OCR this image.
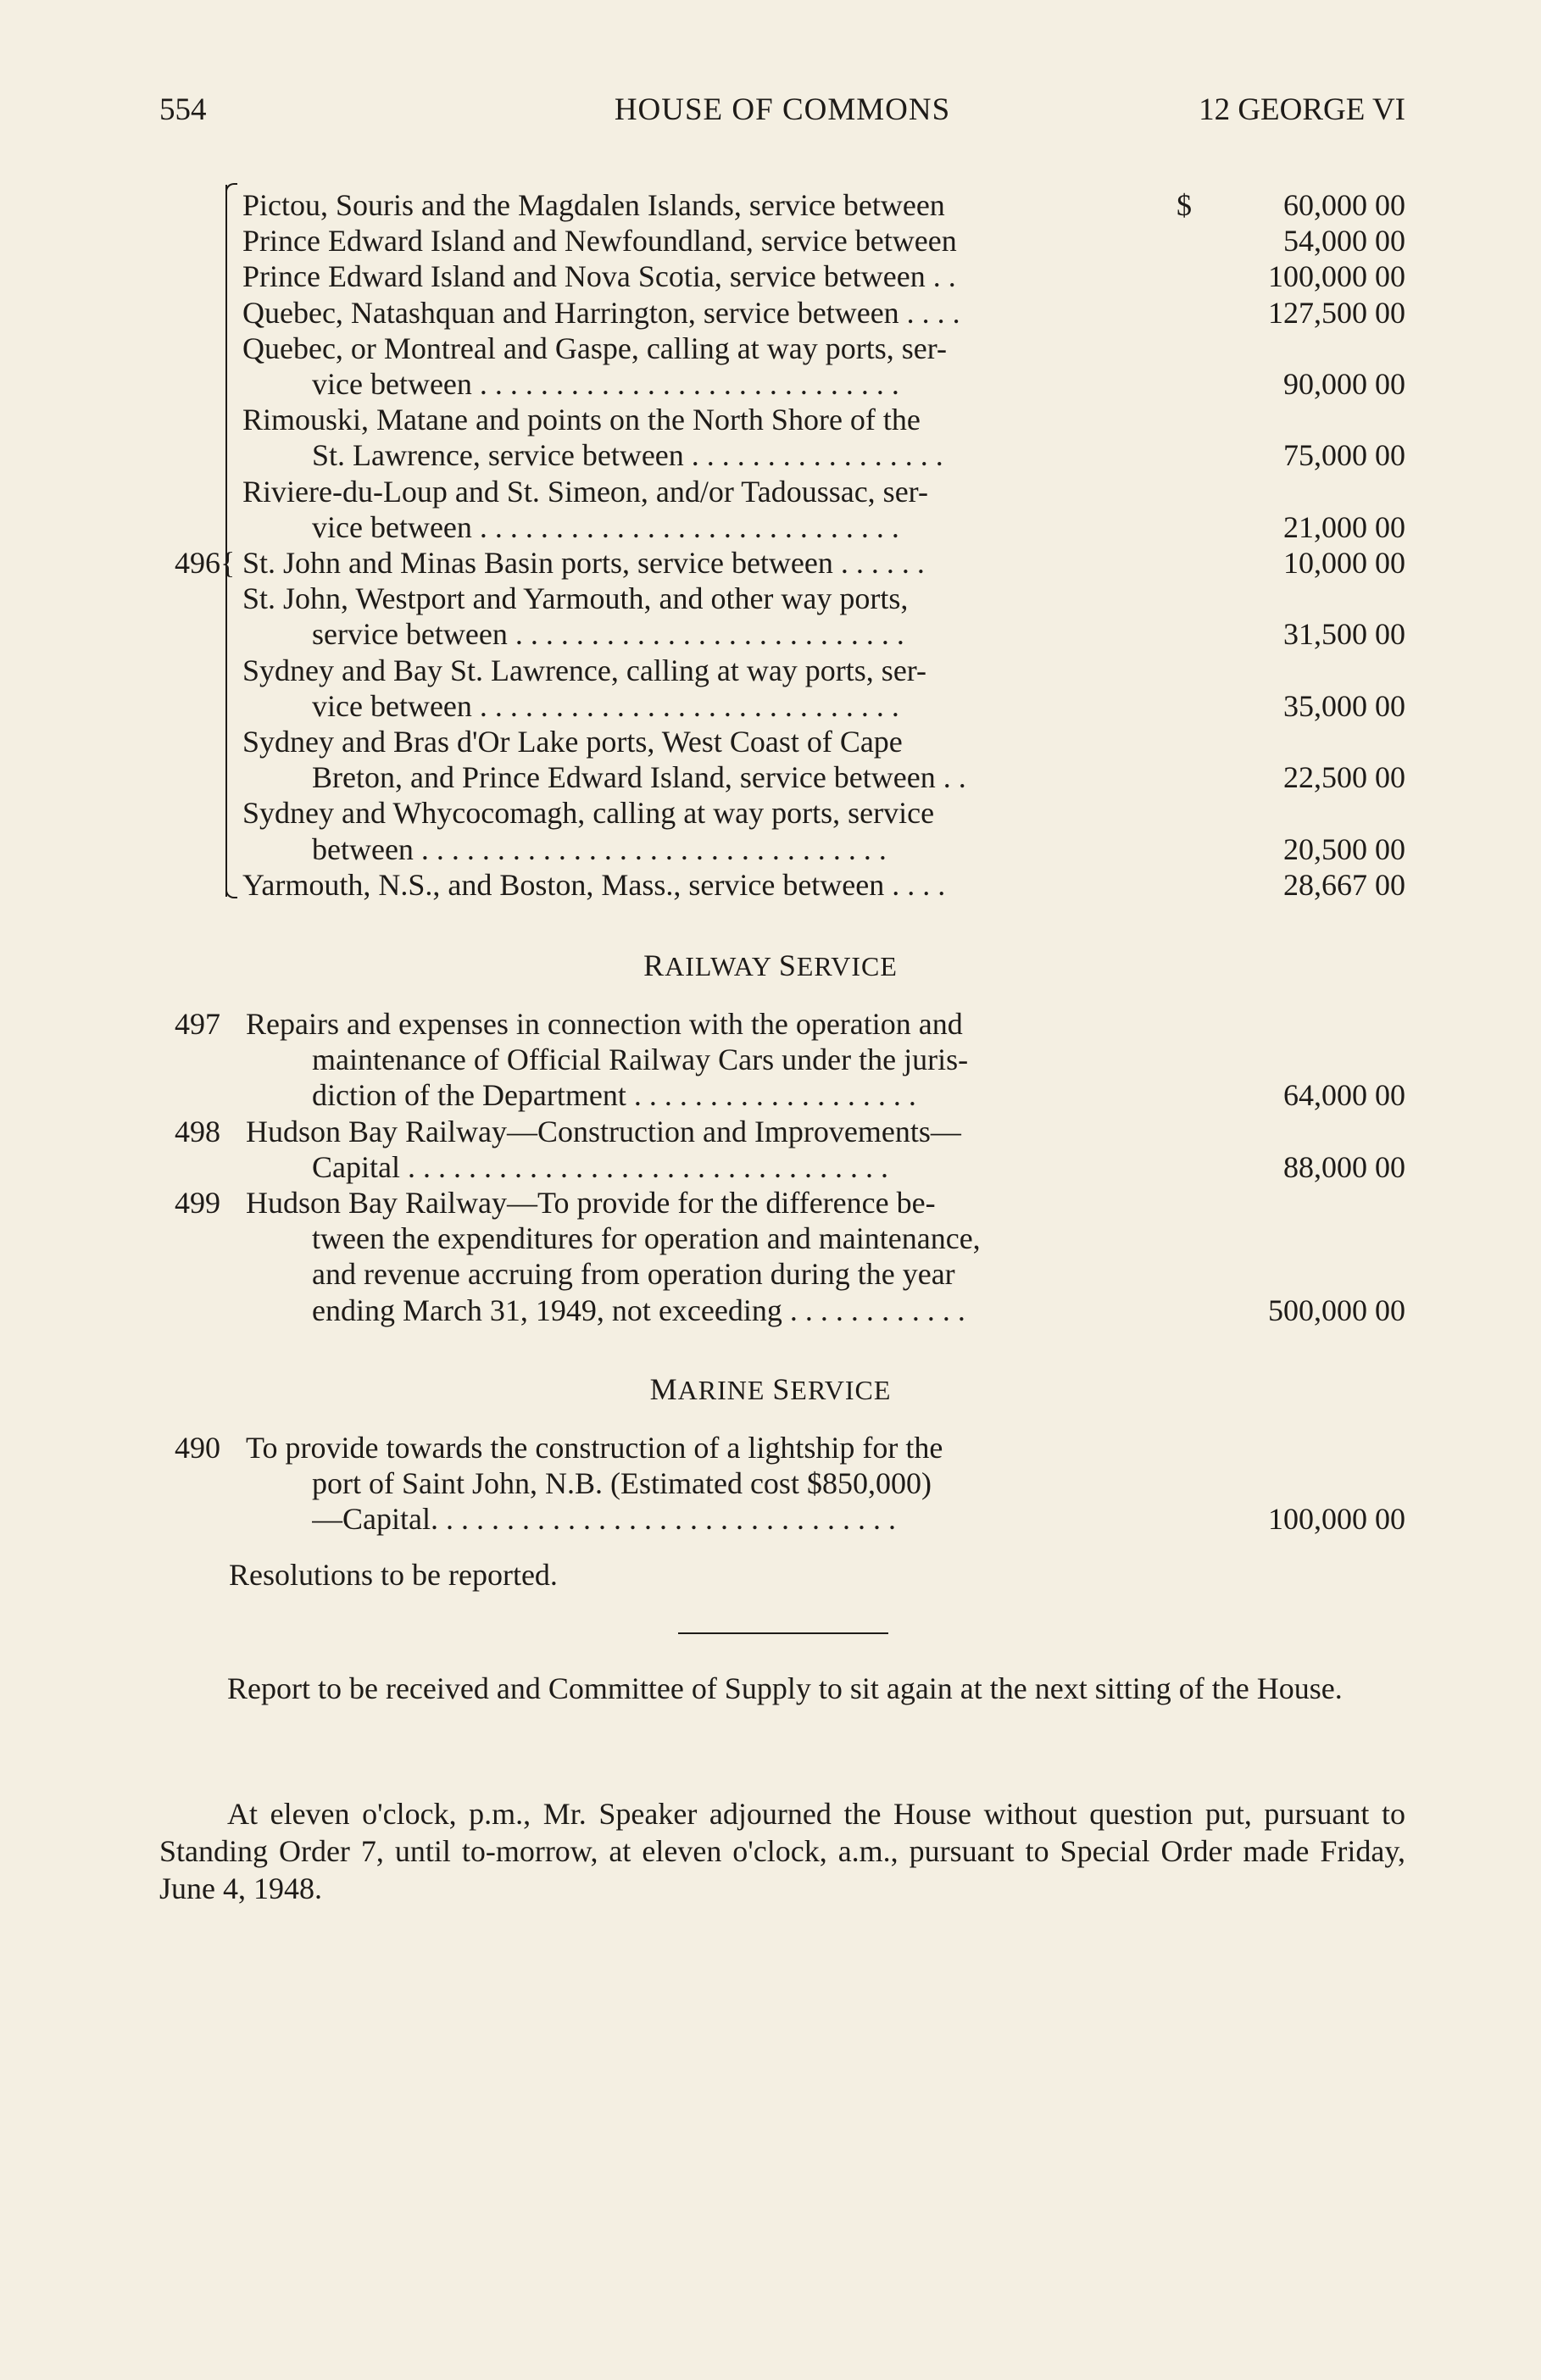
554	HOUSE OF COMMONS	12 GEORGE VI
496{
Pictou, Souris and the Magdalen Islands, service between	$	60,000 00
Prince Edward Island and Newfoundland, service between	54,000 00
Prince Edward Island and Nova Scotia, service between . .	100,000 00
Quebec, Natashquan and Harrington, service between . . . .	127,500 00
Quebec, or Montreal and Gaspe, calling at way ports, ser-
vice between . . . . . . . . . . . . . . . . . . . . . . . . . . . .	90,000 00
Rimouski, Matane and points on the North Shore of the
St. Lawrence, service between . . . . . . . . . . . . . . . . .	75,000 00
Riviere-du-Loup and St. Simeon, and/or Tadoussac, ser-
vice between . . . . . . . . . . . . . . . . . . . . . . . . . . . .	21,000 00
St. John and Minas Basin ports, service between . . . . . .	10,000 00
St. John, Westport and Yarmouth, and other way ports,
service between . . . . . . . . . . . . . . . . . . . . . . . . . .	31,500 00
Sydney and Bay St. Lawrence, calling at way ports, ser-
vice between . . . . . . . . . . . . . . . . . . . . . . . . . . . .	35,000 00
Sydney and Bras d'Or Lake ports, West Coast of Cape
Breton, and Prince Edward Island, service between . .	22,500 00
Sydney and Whycocomagh, calling at way ports, service
between . . . . . . . . . . . . . . . . . . . . . . . . . . . . . . .	20,500 00
Yarmouth, N.S., and Boston, Mass., service between . . . .	28,667 00
RAILWAY SERVICE
497 Repairs and expenses in connection with the operation and
maintenance of Official Railway Cars under the juris-
diction of the Department . . . . . . . . . . . . . . . . . . .	64,000 00
498 Hudson Bay Railway—Construction and Improvements—
Capital . . . . . . . . . . . . . . . . . . . . . . . . . . . . . . . .	88,000 00
499 Hudson Bay Railway—To provide for the difference be-
tween the expenditures for operation and maintenance,
and revenue accruing from operation during the year
ending March 31, 1949, not exceeding . . . . . . . . . . . .	500,000 00
MARINE SERVICE
490 To provide towards the construction of a lightship for the
port of Saint John, N.B. (Estimated cost $850,000)
—Capital. . . . . . . . . . . . . . . . . . . . . . . . . . . . . . .	100,000 00
Resolutions to be reported.
Report to be received and Committee of Supply to sit again at the next sitting of the House.
At eleven o'clock, p.m., Mr. Speaker adjourned the House without question put, pursuant to Standing Order 7, until to-morrow, at eleven o'clock, a.m., pursuant to Special Order made Friday, June 4, 1948.
